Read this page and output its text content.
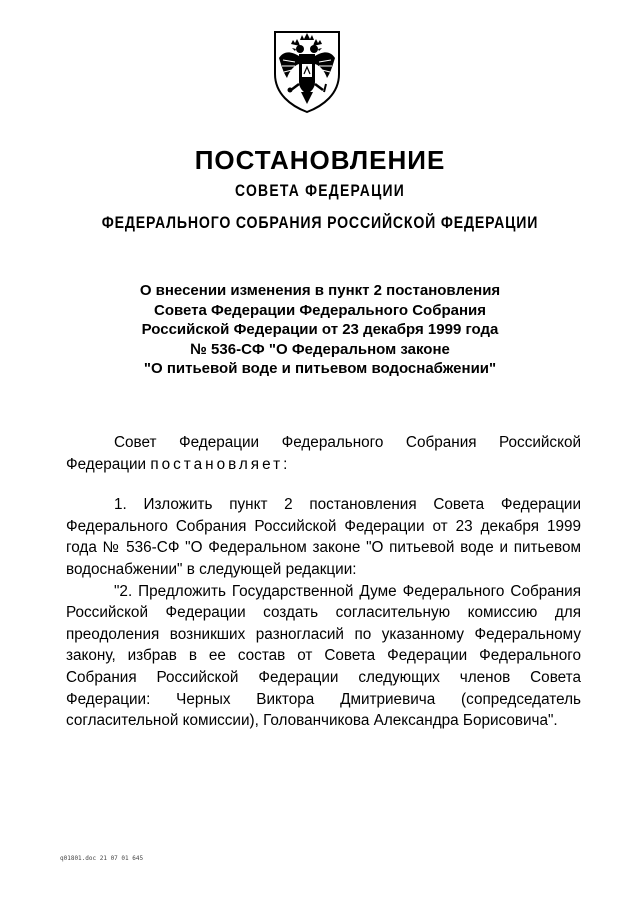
ПОСТАНОВЛЕНИЕ
СОВЕТА ФЕДЕРАЦИИ
ФЕДЕРАЛЬНОГО СОБРАНИЯ РОССИЙСКОЙ ФЕДЕРАЦИИ
О внесении изменения в пункт 2 постановления
Совета Федерации Федерального Собрания
Российской Федерации от 23 декабря 1999 года
№ 536-СФ "О Федеральном законе
"О питьевой воде и питьевом водоснабжении"

Совет Федерации Федерального Собрания Российской Федерации постановляет:

1. Изложить пункт 2 постановления Совета Федерации Федерального Собрания Российской Федерации от 23 декабря 1999 года № 536-СФ "О Федеральном законе "О питьевой воде и питьевом водоснабжении" в следующей редакции:

"2. Предложить Государственной Думе Федерального Собрания Российской Федерации создать согласительную комиссию для преодоления возникших разногласий по указанному Федеральному закону, избрав в ее состав от Совета Федерации Федерального Собрания Российской Федерации следующих членов Совета Федерации: Черных Виктора Дмитриевича (сопредседатель согласительной комиссии), Голованчикова Александра Борисовича".

q01801.doc 21 07 01 645
